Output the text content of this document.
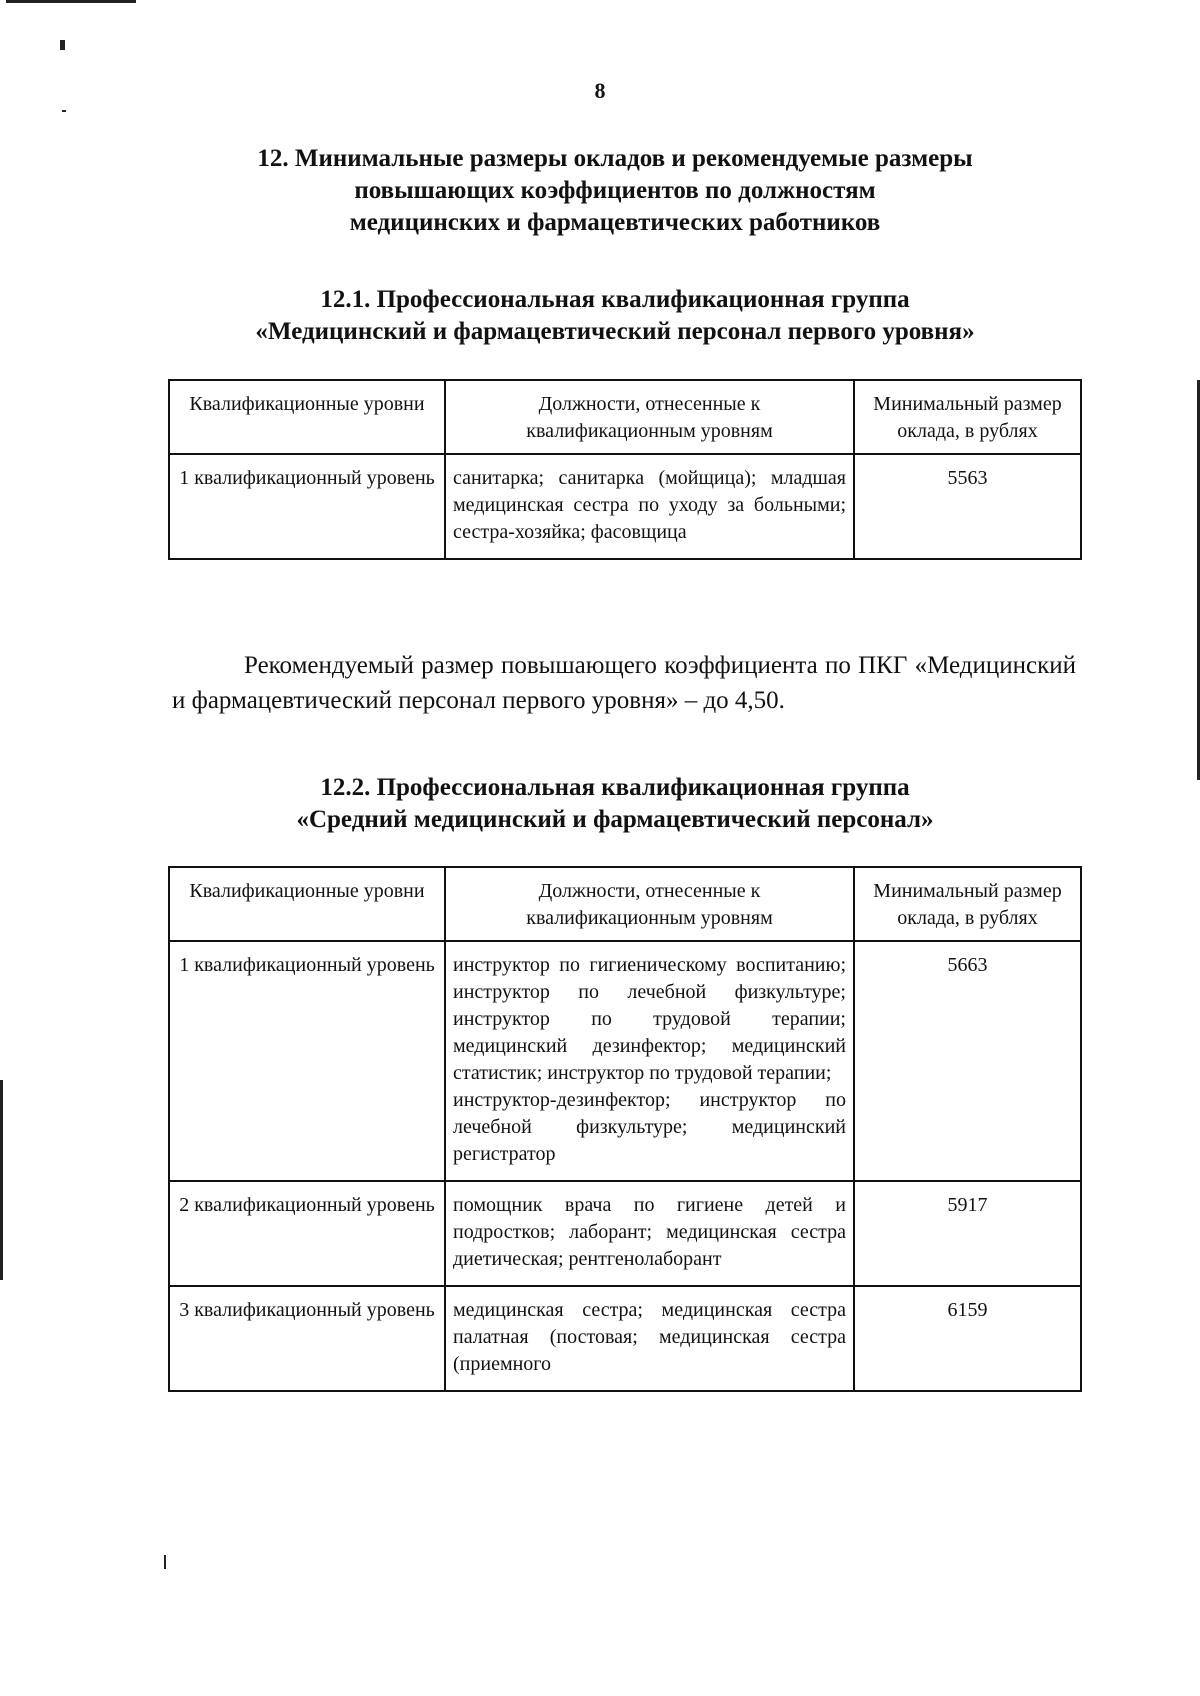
8
12. Минимальные размеры окладов и рекомендуемые размеры
повышающих коэффициентов по должностям
медицинских и фармацевтических работников
12.1. Профессиональная квалификационная группа
«Медицинский и фармацевтический персонал первого уровня»
Квалификационные уровни	Должности, отнесенные к квалификационным уровням	Минимальный размер оклада, в рублях
1 квалификационный уровень	санитарка; санитарка (мойщица); младшая медицинская сестра по уходу за больными; сестра-хозяйка; фасовщица	5563
Рекомендуемый размер повышающего коэффициента по ПКГ «Медицинский и фармацевтический персонал первого уровня» – до 4,50.
12.2. Профессиональная квалификационная группа
«Средний медицинский и фармацевтический персонал»
Квалификационные уровни	Должности, отнесенные к квалификационным уровням	Минимальный размер оклада, в рублях
1 квалификационный уровень	инструктор по гигиеническому воспитанию; инструктор по лечебной физкультуре; инструктор по трудовой терапии; медицинский дезинфектор; медицинский статистик; инструктор по трудовой терапии;
инструктор-дезинфектор; инструктор по лечебной физкультуре; медицинский регистратор	5663
2 квалификационный уровень	помощник врача по гигиене детей и подростков; лаборант; медицинская сестра диетическая; рентгенолаборант	5917
3 квалификационный уровень	медицинская сестра; медицинская сестра палатная (постовая; медицинская сестра (приемного	6159
